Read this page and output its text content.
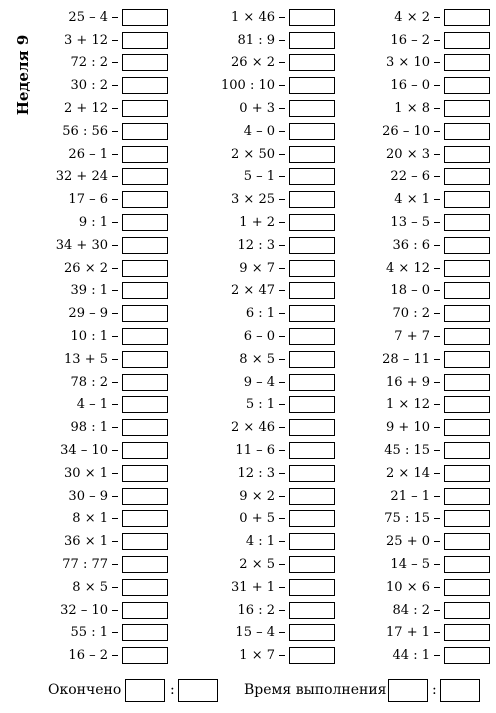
Неделя 9
25 – 4
3 + 12
72 : 2
30 : 2
2 + 12
56 : 56
26 – 1
32 + 24
17 – 6
9 : 1
34 + 30
26 × 2
39 : 1
29 – 9
10 : 1
13 + 5
78 : 2
4 – 1
98 : 1
34 – 10
30 × 1
30 – 9
8 × 1
36 × 1
77 : 77
8 × 5
32 – 10
55 : 1
16 – 2
1 × 46
81 : 9
26 × 2
100 : 10
0 + 3
4 – 0
2 × 50
5 – 1
3 × 25
1 + 2
12 : 3
9 × 7
2 × 47
6 : 1
6 – 0
8 × 5
9 – 4
5 : 1
2 × 46
11 – 6
12 : 3
9 × 2
0 + 5
4 : 1
2 × 5
31 + 1
16 : 2
15 – 4
1 × 7
4 × 2
16 – 2
3 × 10
16 – 0
1 × 8
26 – 10
20 × 3
22 – 6
4 × 1
13 – 5
36 : 6
4 × 12
18 – 0
70 : 2
7 + 7
28 – 11
16 + 9
1 × 12
9 + 10
45 : 15
2 × 14
21 – 1
75 : 15
25 + 0
14 – 5
10 × 6
84 : 2
17 + 1
44 : 1
Окончено	:	Время выполнения	:
